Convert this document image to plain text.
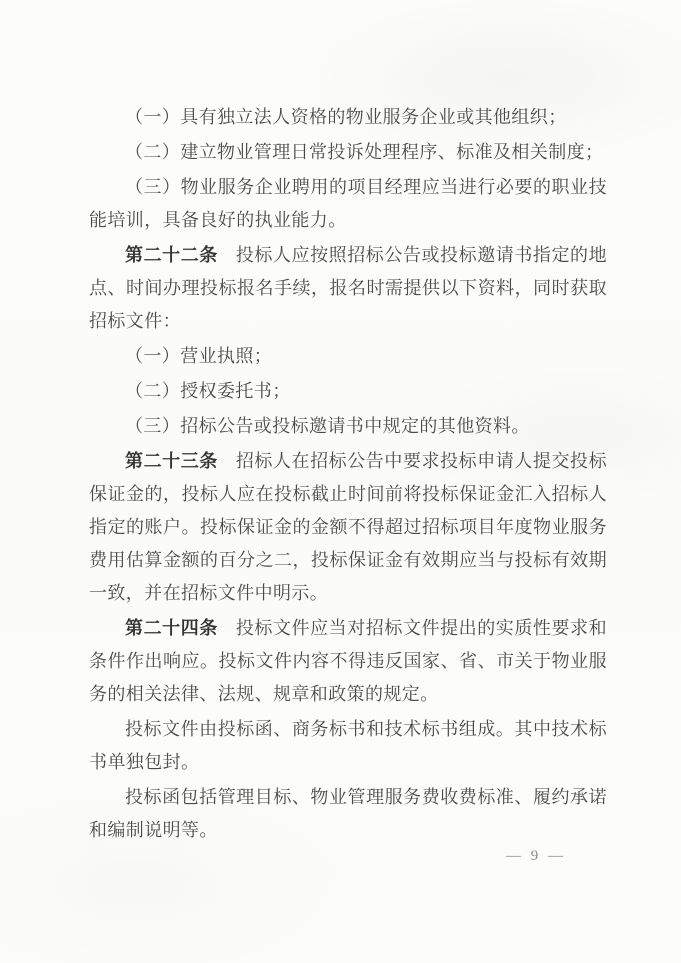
（一）具有独立法人资格的物业服务企业或其他组织；

（二）建立物业管理日常投诉处理程序、标准及相关制度；

（三）物业服务企业聘用的项目经理应当进行必要的职业技能培训，具备良好的执业能力。

第二十二条 投标人应按照招标公告或投标邀请书指定的地点、时间办理投标报名手续，报名时需提供以下资料，同时获取招标文件：

（一）营业执照；

（二）授权委托书；

（三）招标公告或投标邀请书中规定的其他资料。

第二十三条 招标人在招标公告中要求投标申请人提交投标保证金的，投标人应在投标截止时间前将投标保证金汇入招标人指定的账户。投标保证金的金额不得超过招标项目年度物业服务费用估算金额的百分之二，投标保证金有效期应当与投标有效期一致，并在招标文件中明示。

第二十四条 投标文件应当对招标文件提出的实质性要求和条件作出响应。投标文件内容不得违反国家、省、市关于物业服务的相关法律、法规、规章和政策的规定。

投标文件由投标函、商务标书和技术标书组成。其中技术标书单独包封。

投标函包括管理目标、物业管理服务费收费标准、履约承诺和编制说明等。

— 9 —
